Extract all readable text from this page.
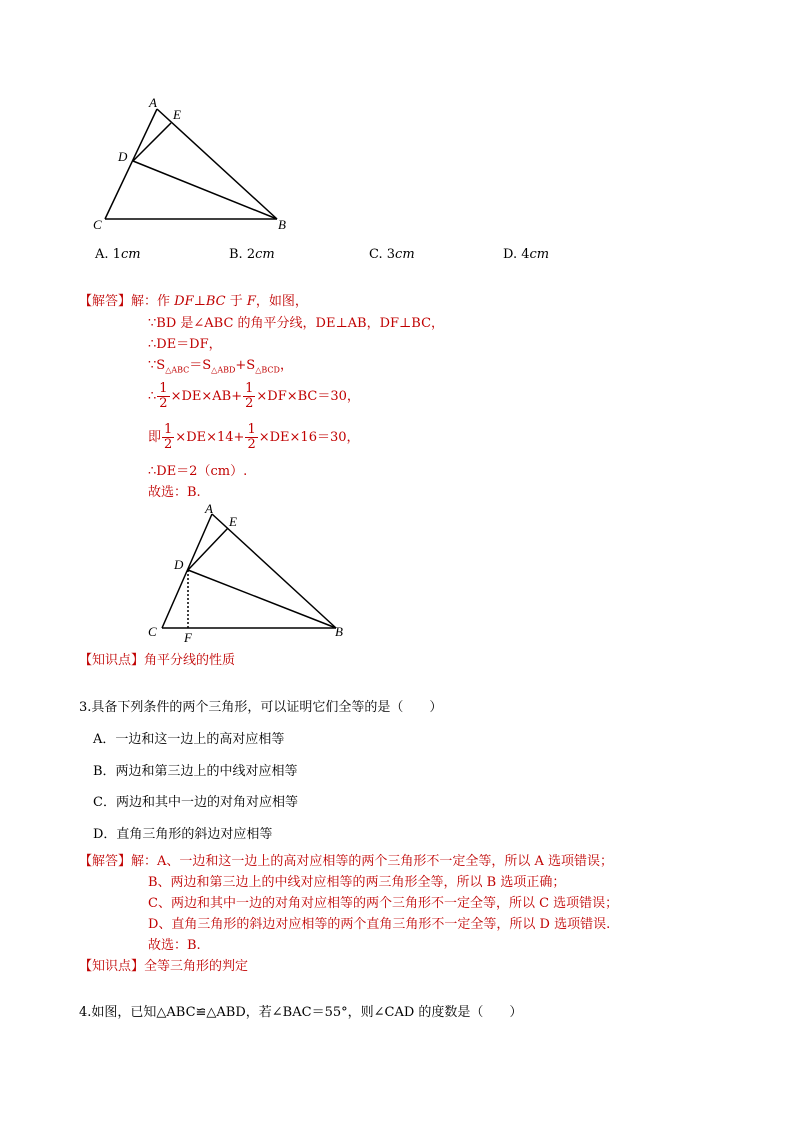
A
E
D
C	B
A. 1cm	B. 2cm	C. 3cm	D. 4cm
【解答】解：作 DF⊥BC 于 F，如图，
∵BD 是∠ABC 的角平分线，DE⊥AB，DF⊥BC，
∴DE＝DF，
$\because S_{\triangle ABC}=S_{\triangle ABD}+S_{\triangle BCD}$，
∴ $\frac{1}{2} \times DE\times AB+ \frac{1}{2} \times DF\times BC=30$，
即 $\frac{1}{2} \times DE\times 14+ \frac{1}{2} \times DE\times 16=30$，
∴DE＝2（cm）.
故选：B.
A
E
D
C F	B
【知识点】角平分线的性质
3.具备下列条件的两个三角形，可以证明它们全等的是（　　）
A．一边和这一边上的高对应相等
B．两边和第三边上的中线对应相等
C．两边和其中一边的对角对应相等
D．直角三角形的斜边对应相等
【解答】解：A、一边和这一边上的高对应相等的两个三角形不一定全等，所以 A 选项错误；
B、两边和第三边上的中线对应相等的两三角形全等，所以 B 选项正确；
C、两边和其中一边的对角对应相等的两个三角形不一定全等，所以 C 选项错误；
D、直角三角形的斜边对应相等的两个直角三角形不一定全等，所以 D 选项错误.
故选：B.
【知识点】全等三角形的判定
4.如图，已知△ABC≌△ABD，若∠BAC＝55°，则∠CAD 的度数是（　　）
